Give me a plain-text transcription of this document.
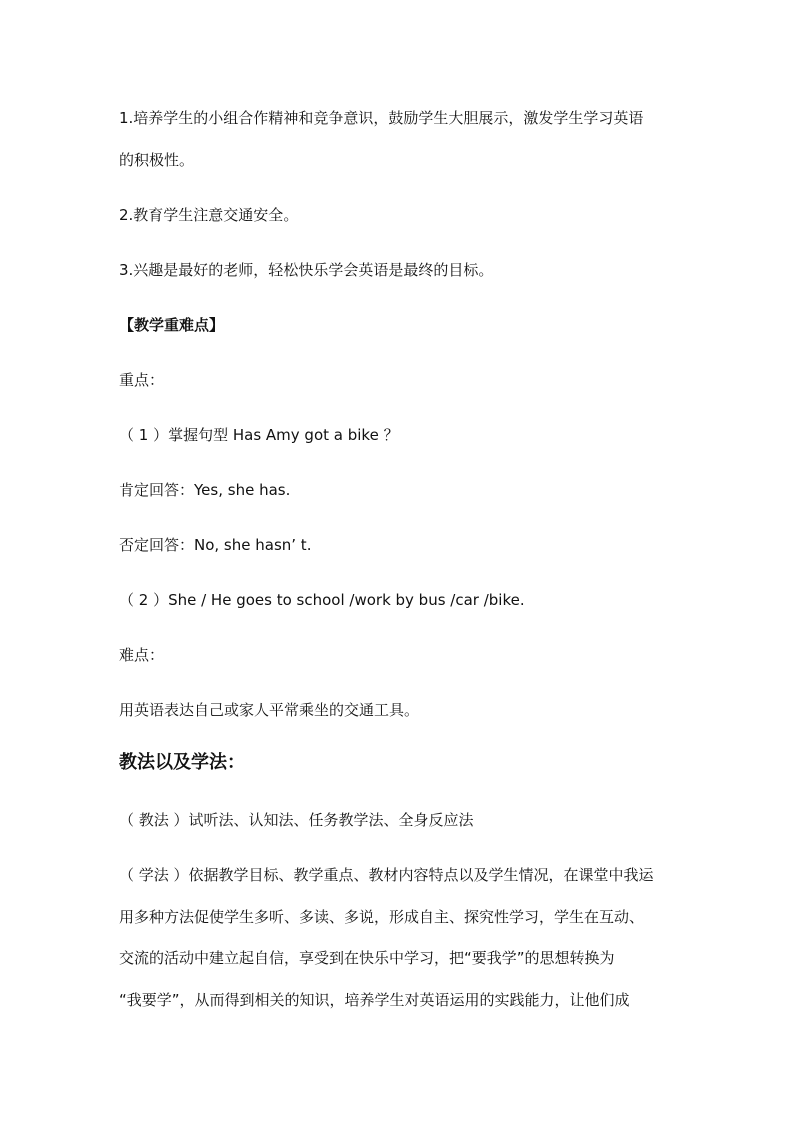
1.培养学生的小组合作精神和竞争意识，鼓励学生大胆展示，激发学生学习英语
的积极性。
2.教育学生注意交通安全。
3.兴趣是最好的老师，轻松快乐学会英语是最终的目标。
【教学重难点】
重点：
（ 1 ）掌握句型 Has Amy got a bike ？
肯定回答：Yes, she has.
否定回答：No, she hasn’ t.
（ 2 ）She / He goes to school /work by bus /car /bike.
难点：
用英语表达自己或家人平常乘坐的交通工具。
教法以及学法：
（ 教法 ）试听法、认知法、任务教学法、全身反应法
（ 学法 ）依据教学目标、教学重点、教材内容特点以及学生情况，在课堂中我运
用多种方法促使学生多听、多读、多说，形成自主、探究性学习，学生在互动、
交流的活动中建立起自信，享受到在快乐中学习，把“要我学”的思想转换为
“我要学”，从而得到相关的知识，培养学生对英语运用的实践能力，让他们成
